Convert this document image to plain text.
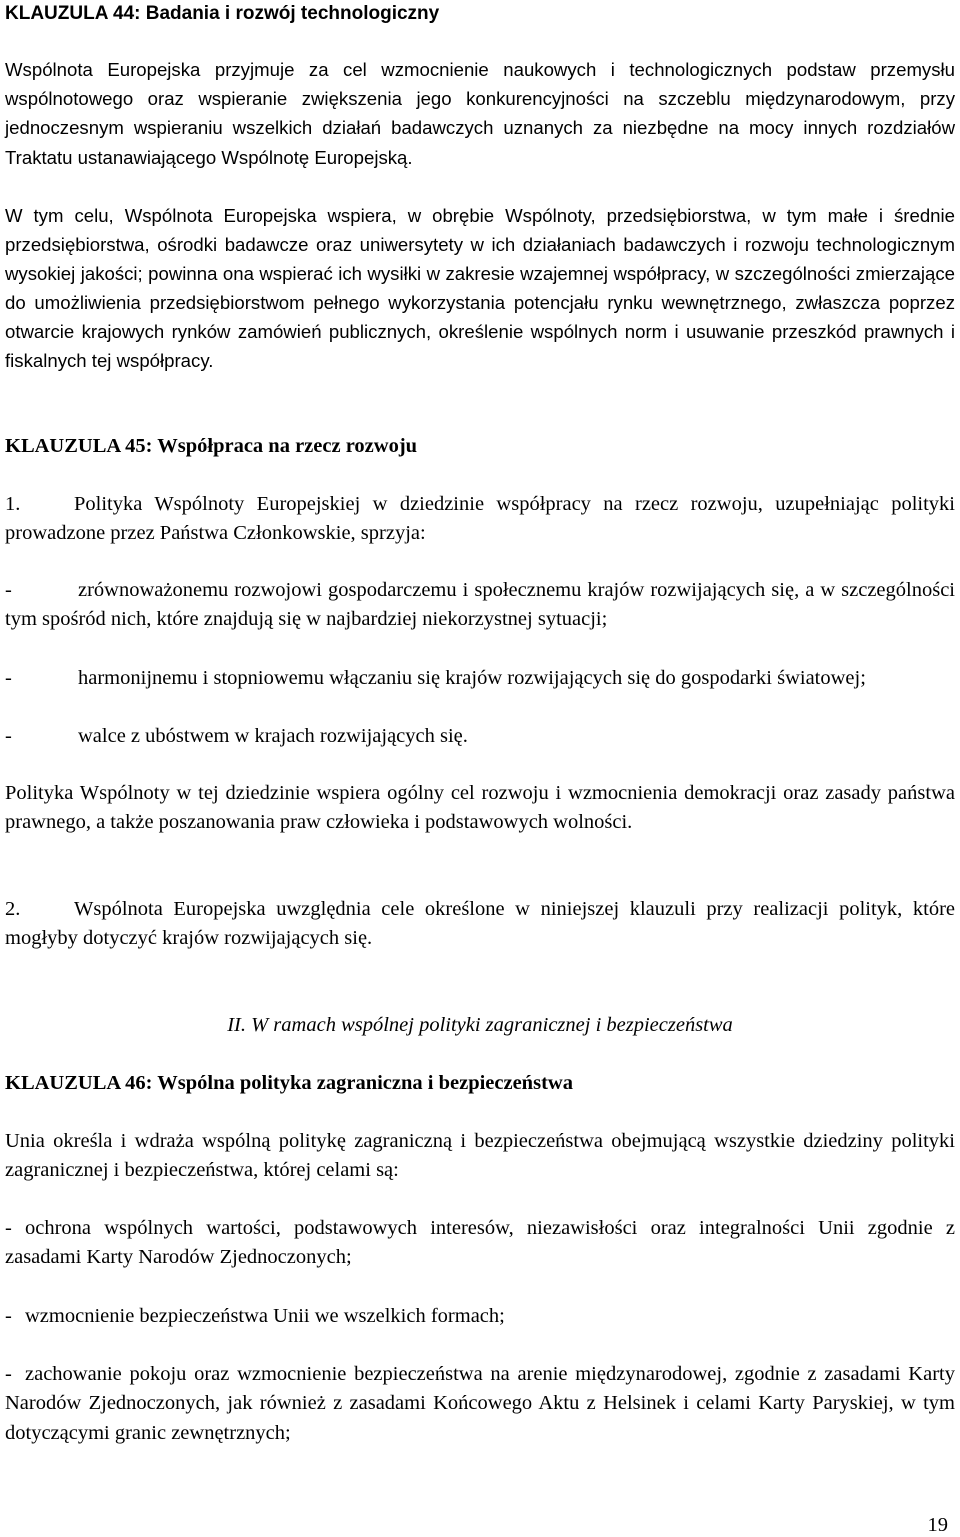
KLAUZULA 44: Badania i rozwój technologiczny

Wspólnota Europejska przyjmuje za cel wzmocnienie naukowych i technologicznych podstaw przemysłu wspólnotowego oraz wspieranie zwiększenia jego konkurencyjności na szczeblu międzynarodowym, przy jednoczesnym wspieraniu wszelkich działań badawczych uznanych za niezbędne na mocy innych rozdziałów Traktatu ustanawiającego Wspólnotę Europejską.

W tym celu, Wspólnota Europejska wspiera, w obrębie Wspólnoty, przedsiębiorstwa, w tym małe i średnie przedsiębiorstwa, ośrodki badawcze oraz uniwersytety w ich działaniach badawczych i rozwoju technologicznym wysokiej jakości; powinna ona wspierać ich wysiłki w zakresie wzajemnej współpracy, w szczególności zmierzające do umożliwienia przedsiębiorstwom pełnego wykorzystania potencjału rynku wewnętrznego, zwłaszcza poprzez otwarcie krajowych rynków zamówień publicznych, określenie wspólnych norm i usuwanie przeszkód prawnych i fiskalnych tej współpracy.

KLAUZULA 45: Współpraca na rzecz rozwoju
1.	Polityka Wspólnoty Europejskiej w dziedzinie współpracy na rzecz rozwoju, uzupełniając polityki prowadzone przez Państwa Członkowskie, sprzyja:
-	zrównoważonemu rozwojowi gospodarczemu i społecznemu krajów rozwijających się, a w szczególności tym spośród nich, które znajdują się w najbardziej niekorzystnej sytuacji;
-	harmonijnemu i stopniowemu włączaniu się krajów rozwijających się do gospodarki światowej;
-	walce z ubóstwem w krajach rozwijających się.

Polityka Wspólnoty w tej dziedzinie wspiera ogólny cel rozwoju i wzmocnienia demokracji oraz zasady państwa prawnego, a także poszanowania praw człowieka i podstawowych wolności.

2.	Wspólnota Europejska uwzględnia cele określone w niniejszej klauzuli przy realizacji polityk, które mogłyby dotyczyć krajów rozwijających się.
II. W ramach wspólnej polityki zagranicznej i bezpieczeństwa
KLAUZULA 46: Wspólna polityka zagraniczna i bezpieczeństwa

Unia określa i wdraża wspólną politykę zagraniczną i bezpieczeństwa obejmującą wszystkie dziedziny polityki zagranicznej i bezpieczeństwa, której celami są:

- ochrona wspólnych wartości, podstawowych interesów, niezawisłości oraz integralności Unii zgodnie z zasadami Karty Narodów Zjednoczonych;
- wzmocnienie bezpieczeństwa Unii we wszelkich formach;
- zachowanie pokoju oraz wzmocnienie bezpieczeństwa na arenie międzynarodowej, zgodnie z zasadami Karty Narodów Zjednoczonych, jak również z zasadami Końcowego Aktu z Helsinek i celami Karty Paryskiej, w tym dotyczącymi granic zewnętrznych;
19
